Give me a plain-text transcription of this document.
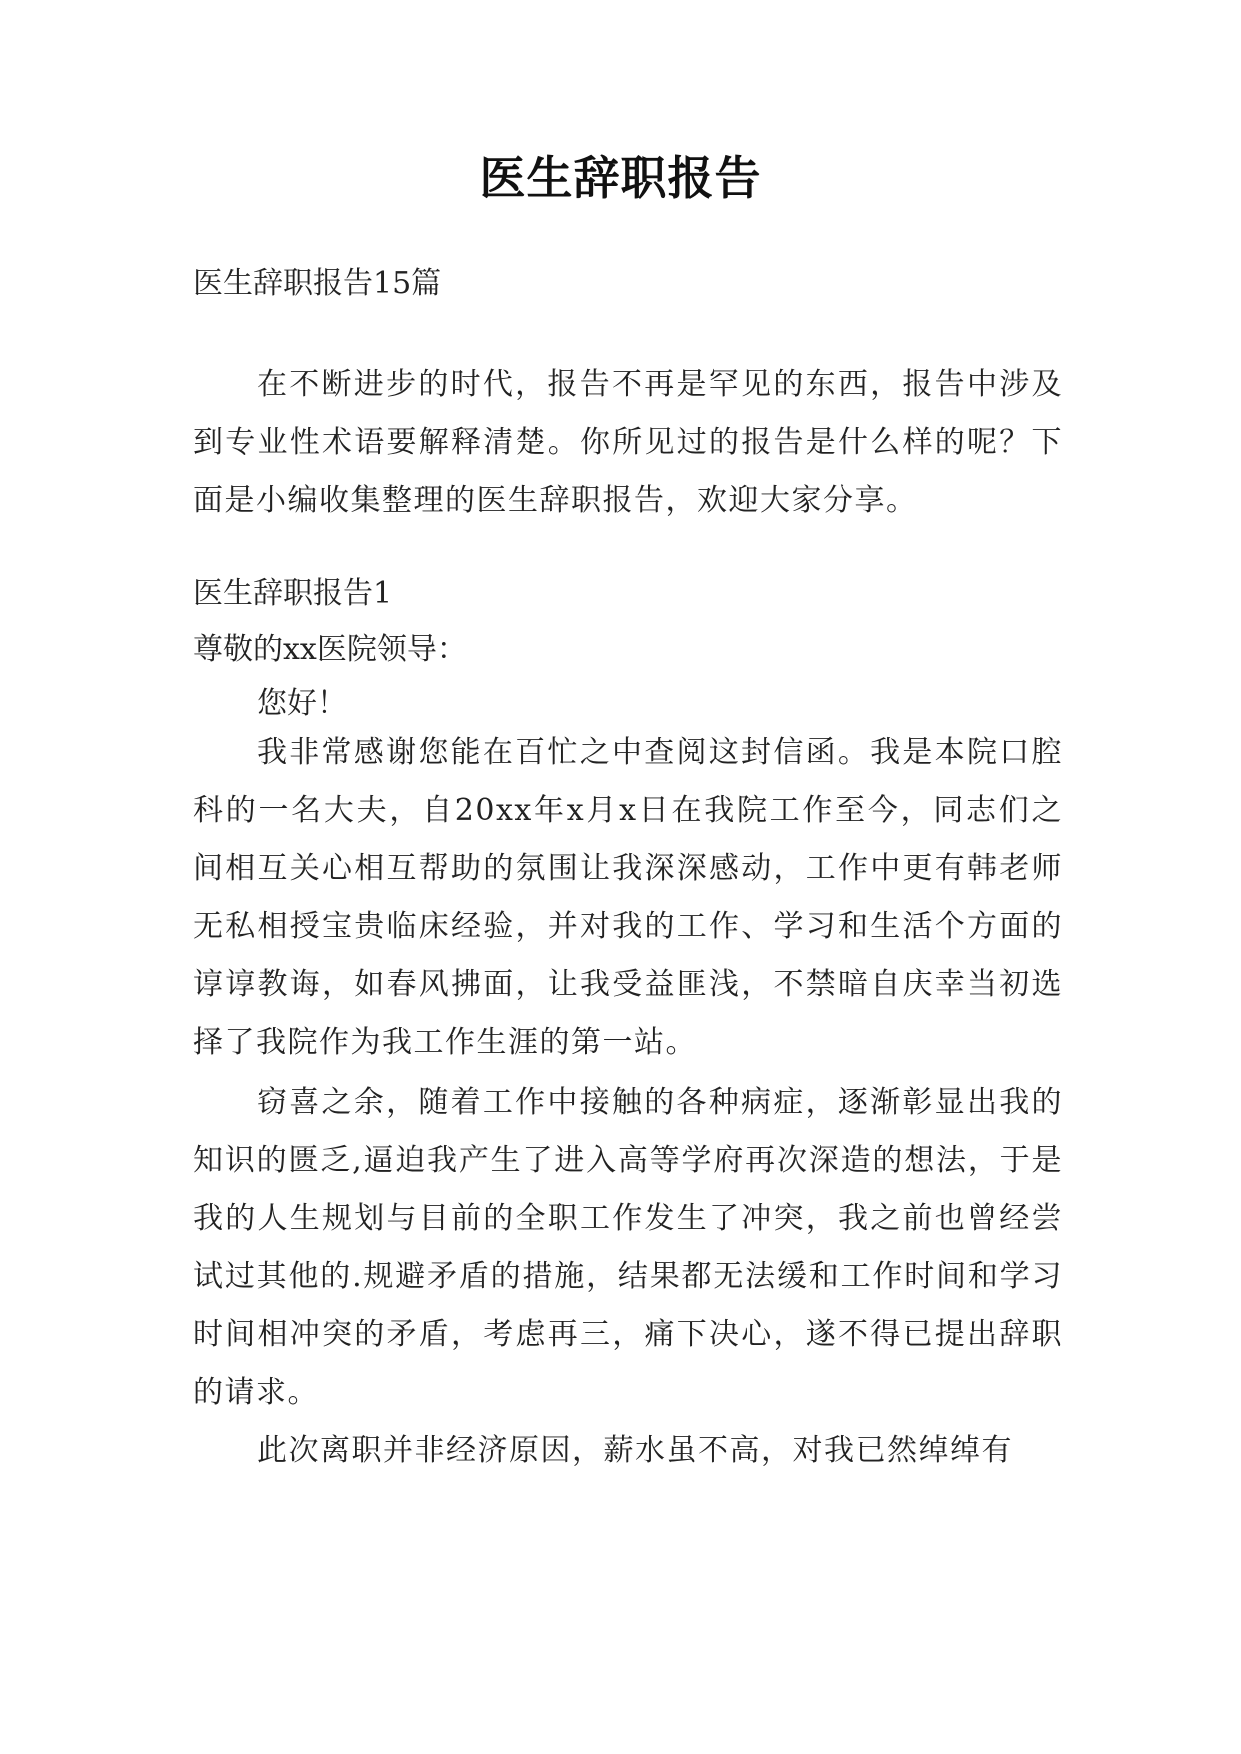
医生辞职报告
医生辞职报告15篇

在不断进步的时代，报告不再是罕见的东西，报告中涉及到专业性术语要解释清楚。你所见过的报告是什么样的呢？下面是小编收集整理的医生辞职报告，欢迎大家分享。

医生辞职报告1
尊敬的xx医院领导：
您好！

我非常感谢您能在百忙之中查阅这封信函。我是本院口腔科的一名大夫，自20xx年x月x日在我院工作至今，同志们之间相互关心相互帮助的氛围让我深深感动，工作中更有韩老师无私相授宝贵临床经验，并对我的工作、学习和生活个方面的谆谆教诲，如春风拂面，让我受益匪浅，不禁暗自庆幸当初选择了我院作为我工作生涯的第一站。

窃喜之余，随着工作中接触的各种病症，逐渐彰显出我的知识的匮乏,逼迫我产生了进入高等学府再次深造的想法，于是我的人生规划与目前的全职工作发生了冲突，我之前也曾经尝试过其他的.规避矛盾的措施，结果都无法缓和工作时间和学习时间相冲突的矛盾，考虑再三，痛下决心，遂不得已提出辞职的请求。

此次离职并非经济原因，薪水虽不高，对我已然绰绰有
